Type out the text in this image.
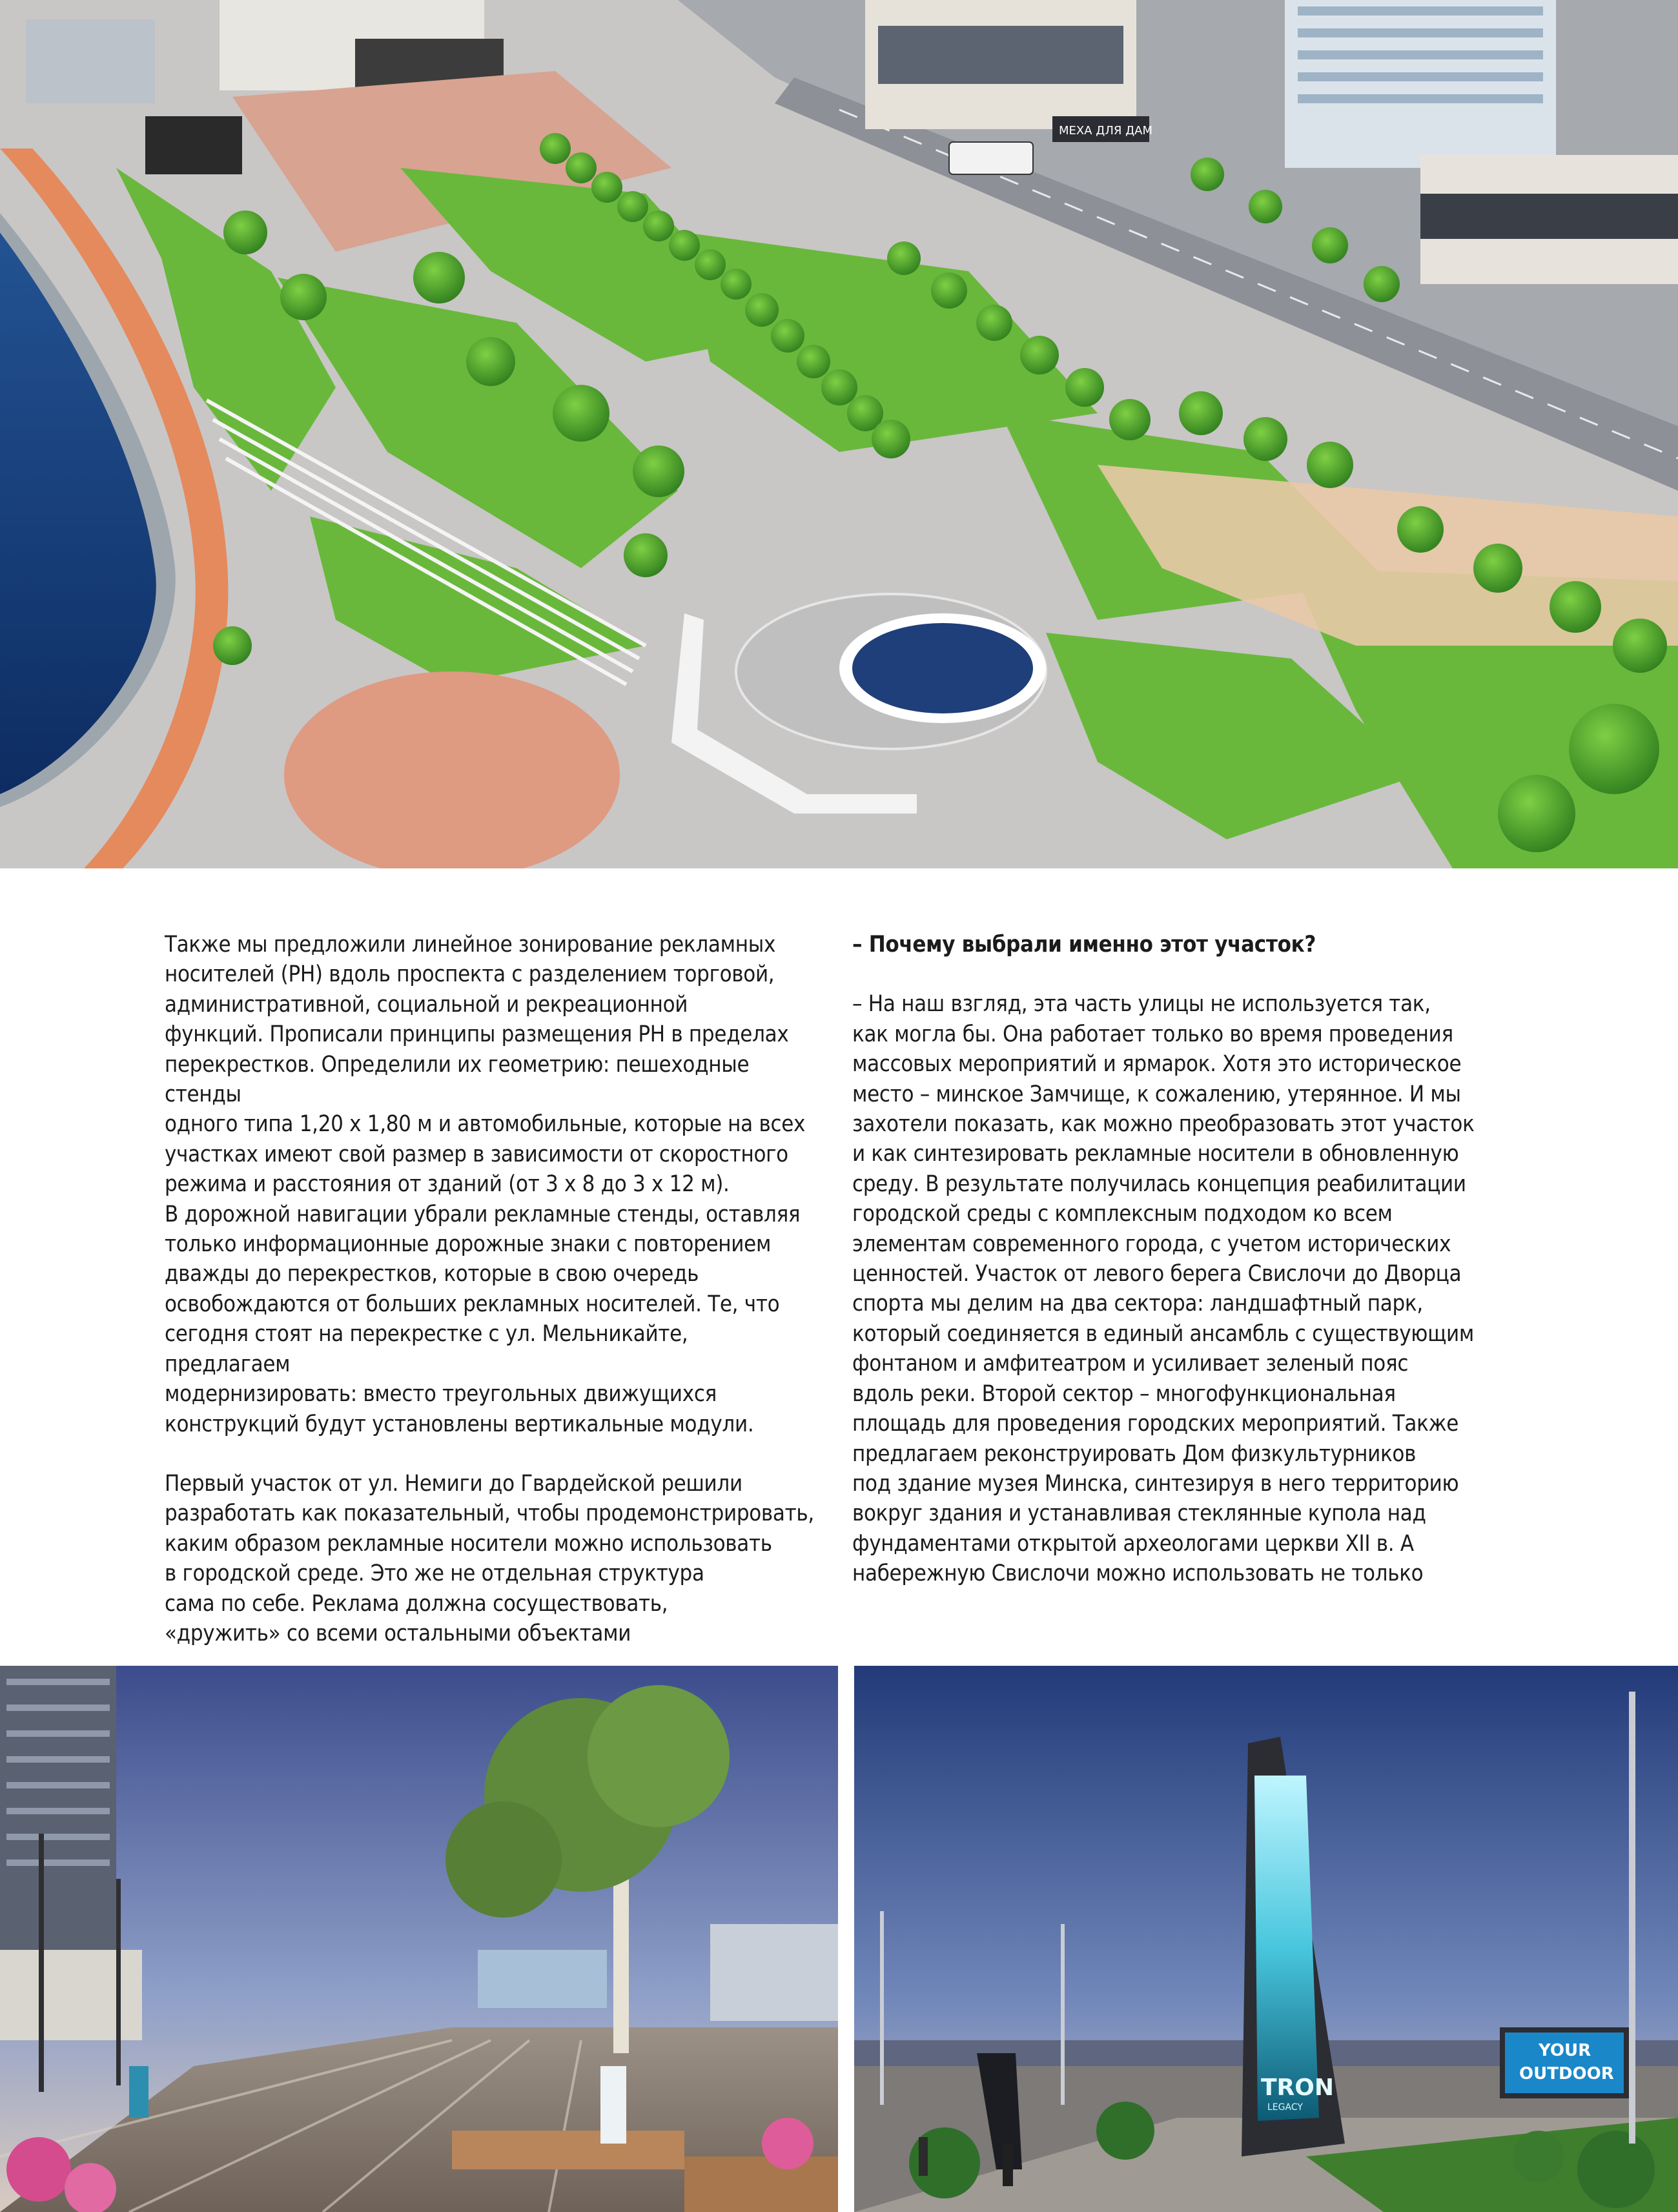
МЕХА ДЛЯ ДАМ

Также мы предложили линейное зонирование рекламных
носителей (РН) вдоль проспекта с разделением торговой,
административной, социальной и рекреационной
функций. Прописали принципы размещения РН в пределах
перекрестков. Определили их геометрию: пешеходные стенды
одного типа 1,20 х 1,80 м и автомобильные, которые на всех
участках имеют свой размер в зависимости от скоростного
режима и расстояния от зданий (от 3 х 8 до 3 х 12 м).
В дорожной навигации убрали рекламные стенды, оставляя
только информационные дорожные знаки с повторением
дважды до перекрестков, которые в свою очередь
освобождаются от больших рекламных носителей. Те, что
сегодня стоят на перекрестке с ул. Мельникайте, предлагаем
модернизировать: вместо треугольных движущихся
конструкций будут установлены вертикальные модули.

Первый участок от ул. Немиги до Гвардейской решили
разработать как показательный, чтобы продемонстрировать,
каким образом рекламные носители можно использовать
в городской среде. Это же не отдельная структура
сама по себе. Реклама должна сосуществовать,
«дружить» со всеми остальными объектами

– Почему выбрали именно этот участок?

– На наш взгляд, эта часть улицы не используется так,
как могла бы. Она работает только во время проведения
массовых мероприятий и ярмарок. Хотя это историческое
место – минское Замчище, к сожалению, утерянное. И мы
захотели показать, как можно преобразовать этот участок
и как синтезировать рекламные носители в обновленную
среду. В результате получилась концепция реабилитации
городской среды с комплексным подходом ко всем
элементам современного города, с учетом исторических
ценностей. Участок от левого берега Свислочи до Дворца
спорта мы делим на два сектора: ландшафтный парк,
который соединяется в единый ансамбль с существующим
фонтаном и амфитеатром и усиливает зеленый пояс
вдоль реки. Второй сектор – многофункциональная
площадь для проведения городских мероприятий. Также
предлагаем реконструировать Дом физкультурников
под здание музея Минска, синтезируя в него территорию
вокруг здания и устанавливая стеклянные купола над
фундаментами открытой археологами церкви XII в. А
набережную Свислочи можно использовать не только

TRON
LEGACY
YOUR
OUTDOOR
